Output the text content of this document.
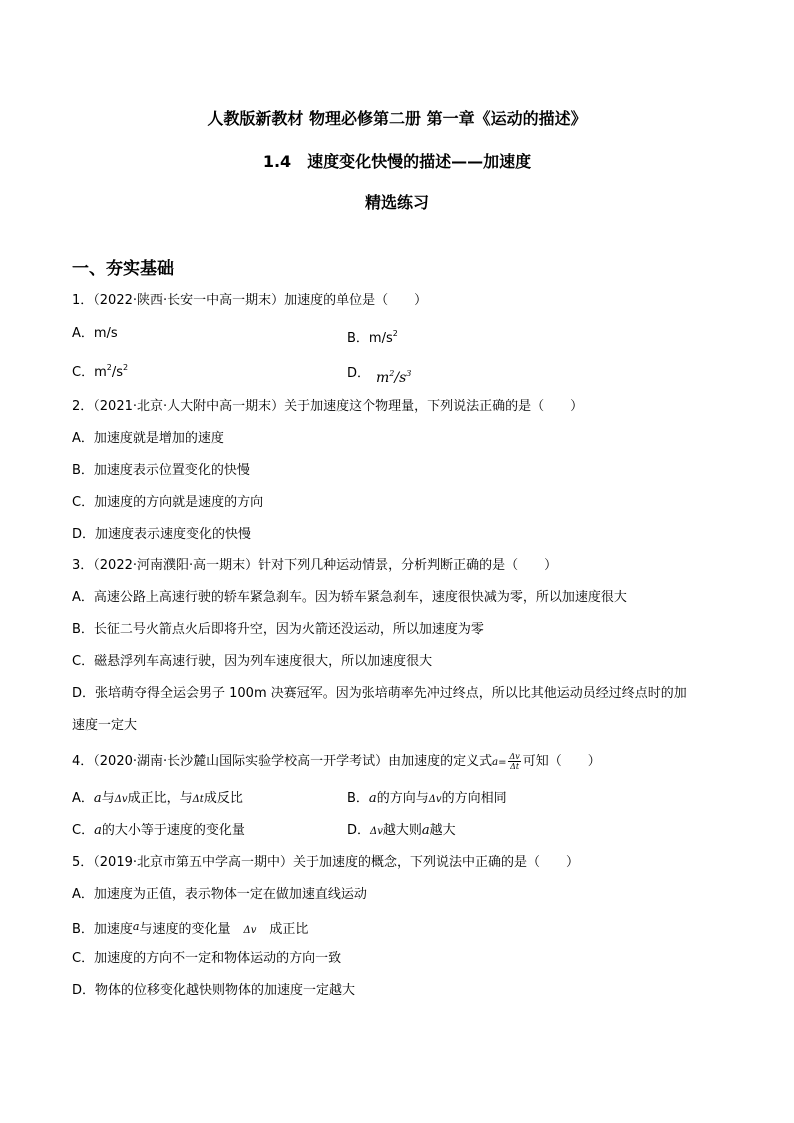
人教版新教材 物理必修第二册 第一章《运动的描述》
1.4　速度变化快慢的描述——加速度
精选练习
一、夯实基础
1．（2022·陕西·长安一中高一期末）加速度的单位是（　　）
A．m/s	B．$m/s^2$
C．$m^2/s^2$	D． $m^2/s^3$
2．（2021·北京·人大附中高一期末）关于加速度这个物理量，下列说法正确的是（　　）
A．加速度就是增加的速度
B．加速度表示位置变化的快慢
C．加速度的方向就是速度的方向
D．加速度表示速度变化的快慢
3．（2022·河南濮阳·高一期末）针对下列几种运动情景，分析判断正确的是（　　）
A．高速公路上高速行驶的轿车紧急刹车。因为轿车紧急刹车，速度很快减为零，所以加速度很大
B．长征二号火箭点火后即将升空，因为火箭还没运动，所以加速度为零
C．磁悬浮列车高速行驶，因为列车速度很大，所以加速度很大
D．张培萌夺得全运会男子 100m 决赛冠军。因为张培萌率先冲过终点，所以比其他运动员经过终点时的加
速度一定大
4．（2020·湖南·长沙麓山国际实验学校高一开学考试）由加速度的定义式$a= \frac{\Delta v}{\Delta t}$ 可知（　　）
A．a与Δv成正比，与Δt成反比	B．a的方向与Δv的方向相同
C．a的大小等于速度的变化量	D．Δv越大则a越大
5．（2019·北京市第五中学高一期中）关于加速度的概念，下列说法中正确的是（　　）
A．加速度为正值，表示物体一定在做加速直线运动
B．加速度$^a$与速度的变化量　Δv　成正比
C．加速度的方向不一定和物体运动的方向一致
D．物体的位移变化越快则物体的加速度一定越大
